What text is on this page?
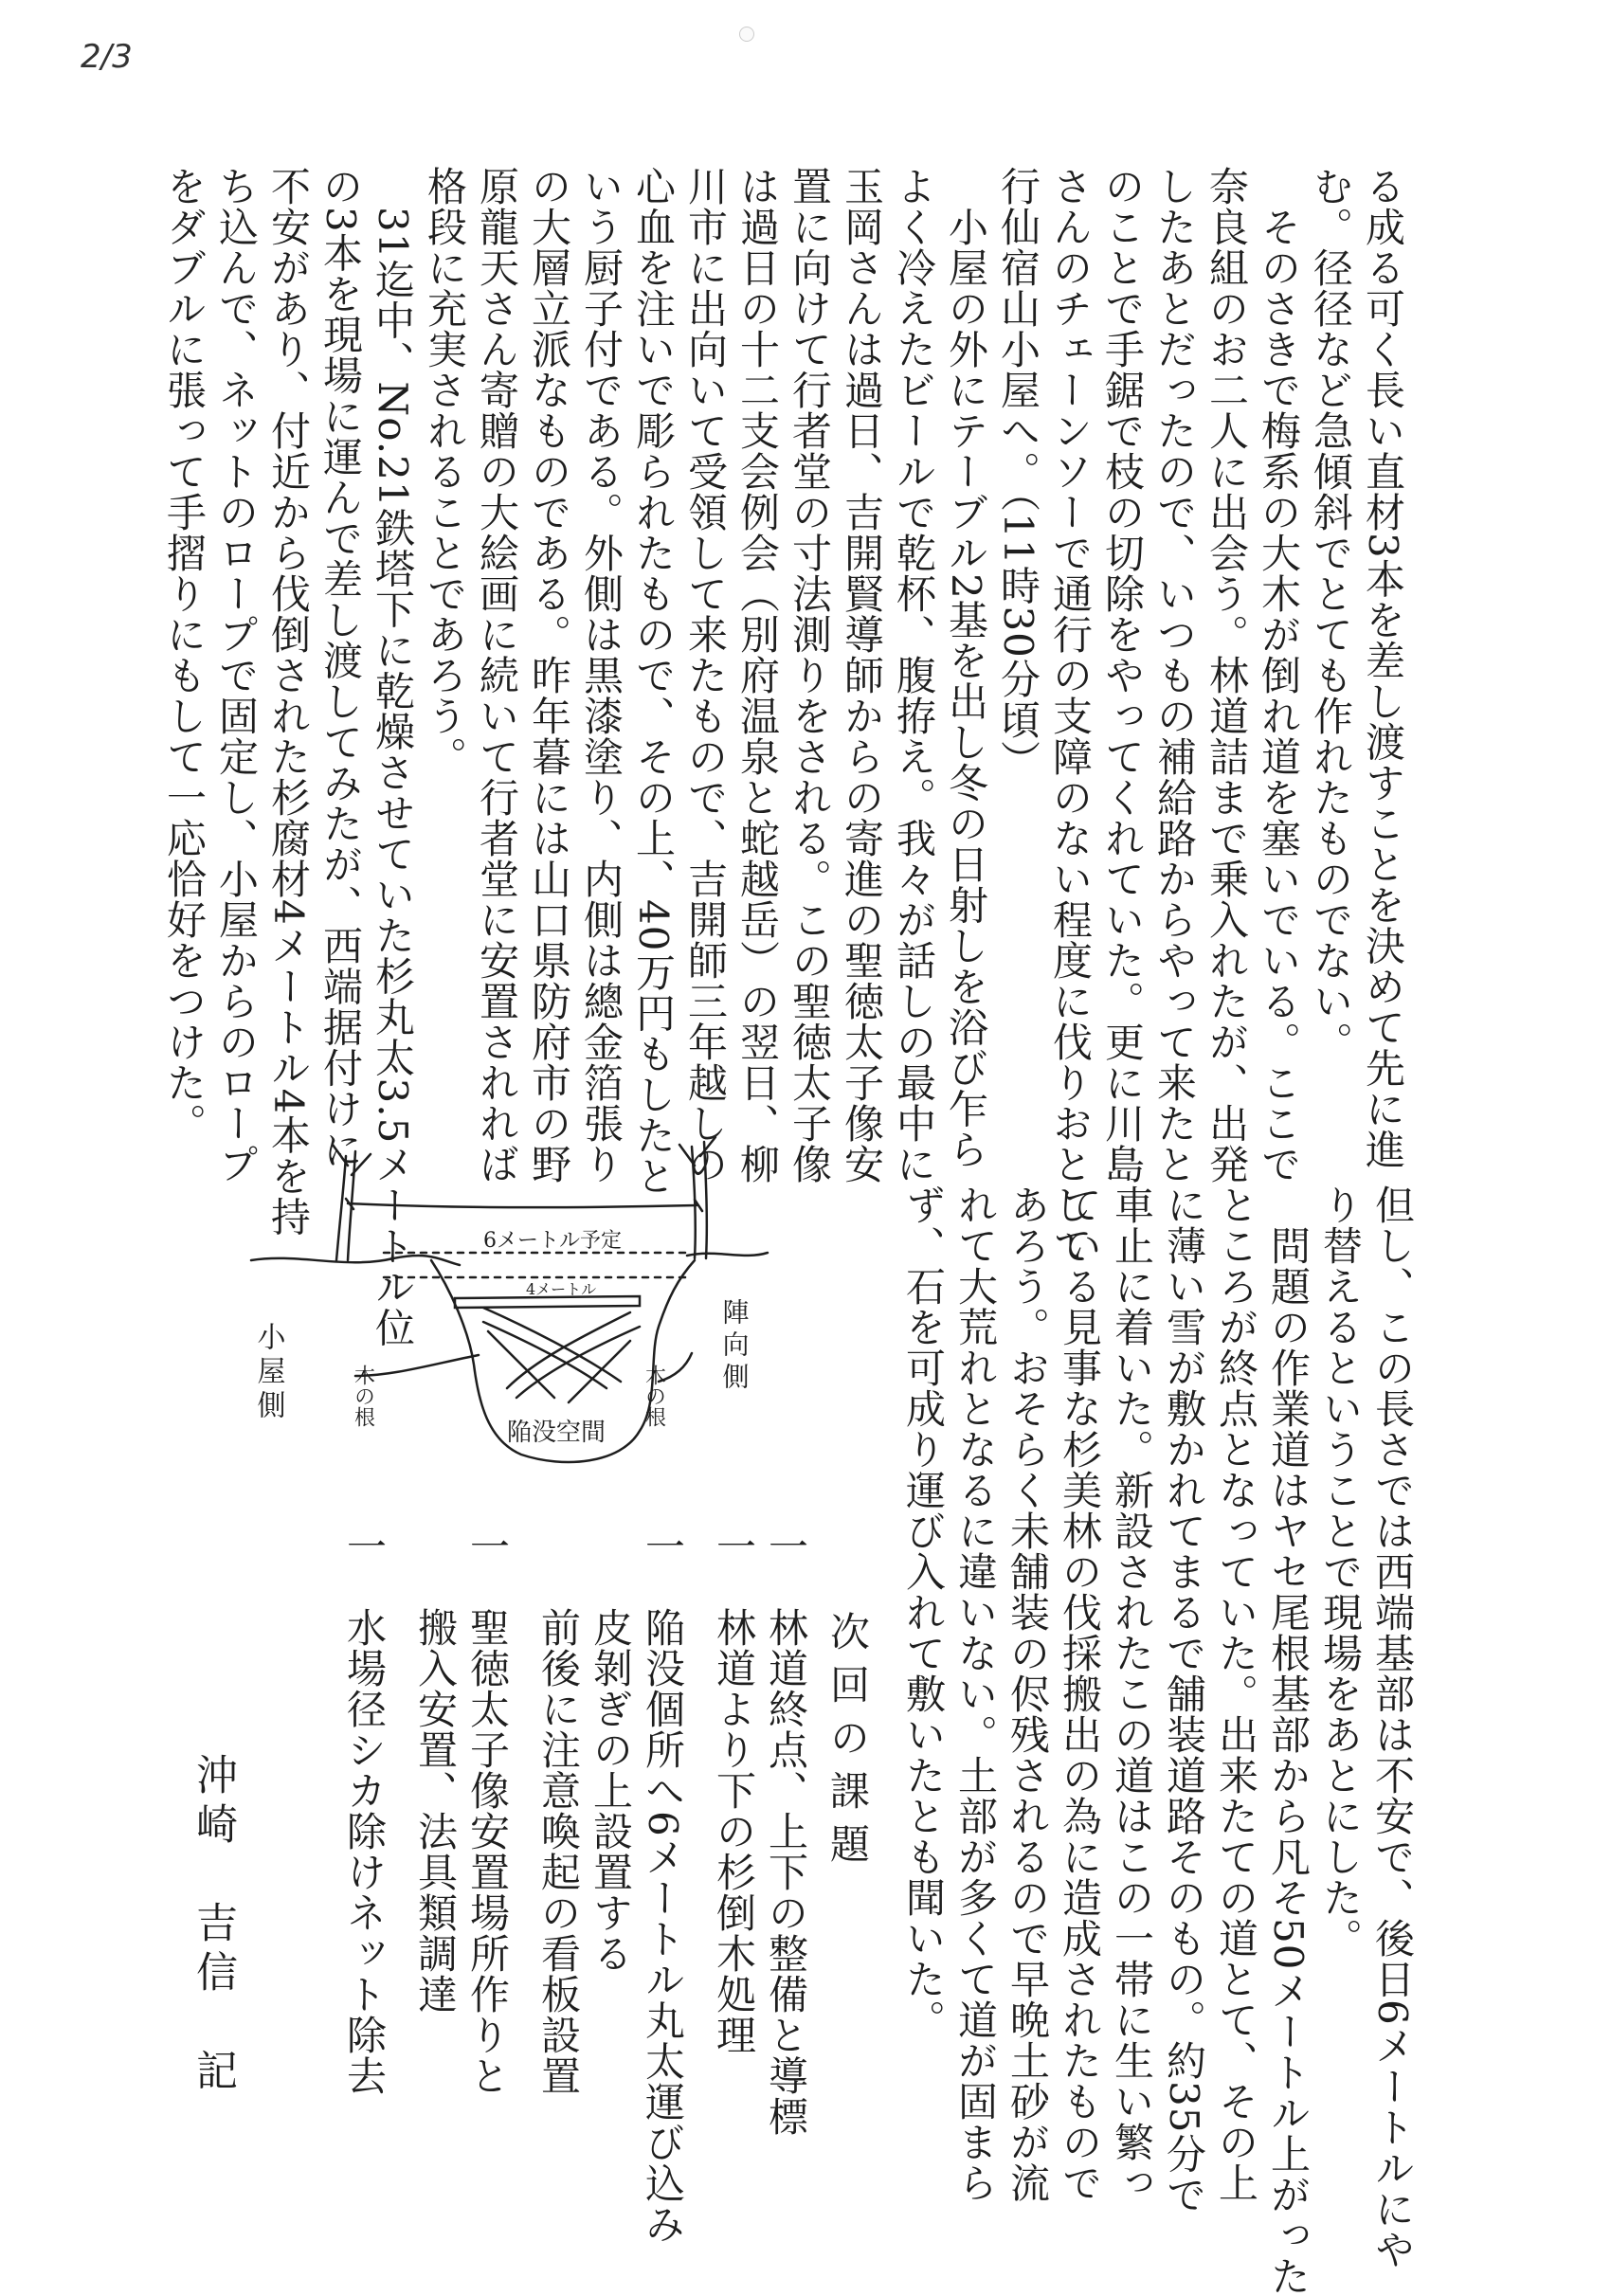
2/3
る成る可く長い直材3本を差し渡すことを決めて先に進
む。径径など急傾斜でとても作れたものでない。
　そのさきで梅系の大木が倒れ道を塞いでいる。ここで
奈良組のお二人に出会う。林道詰まで乗入れたが、出発
したあとだったので、いつもの補給路からやって来たと
のことで手鋸で枝の切除をやってくれていた。更に川島
さんのチェーンソーで通行の支障のない程度に伐りおとして
行仙宿山小屋へ。（11時30分頃）
　小屋の外にテーブル2基を出し冬の日射しを浴び乍ら
よく冷えたビールで乾杯、腹拵え。我々が話しの最中に
玉岡さんは過日、吉開賢導師からの寄進の聖徳太子像安
置に向けて行者堂の寸法測りをされる。この聖徳太子像
は過日の十二支会例会（別府温泉と蛇越岳）の翌日、柳
川市に出向いて受領して来たもので、吉開師三年越しの
心血を注いで彫られたもので、その上、40万円もしたと
いう厨子付である。外側は黒漆塗り、内側は總金箔張り
の大層立派なものである。昨年暮には山口県防府市の野
原龍天さん寄贈の大絵画に続いて行者堂に安置されれば
格段に充実されることであろう。
　31迄中、No.21鉄塔下に乾燥させていた杉丸太3.5メートル位
の3本を現場に運んで差し渡してみたが、西端据付けに
不安があり、付近から伐倒された杉腐材4メートル4本を持
ち込んで、ネットのロープで固定し、小屋からのロープ
をダブルに張って手摺りにもして一応恰好をつけた。
但し、この長さでは西端基部は不安で、後日6メートルにや
り替えるということで現場をあとにした。
　問題の作業道はヤセ尾根基部から凡そ50メートル上がった
ところが終点となっていた。出来たての道とて、その上
に薄い雪が敷かれてまるで舗装道路そのもの。約35分で
車止に着いた。新設されたこの道はこの一帯に生い繁っ
ている見事な杉美林の伐採搬出の為に造成されたもので
あろう。おそらく未舗装の侭残されるので早晩土砂が流
れて大荒れとなるに違いない。土部が多くて道が固まら
ず、石を可成り運び入れて敷いたとも聞いた。
次回の課題
一　林道終点、上下の整備と導標
一　林道より下の杉倒木処理
一　陥没個所へ6メートル丸太運び込み
　　皮剝ぎの上設置する
　　前後に注意喚起の看板設置
一　聖徳太子像安置場所作りと
　　搬入安置、法具類調達
一　水場径シカ除けネット除去
沖崎　吉信　記
6メートル予定
4メートル
陥没空間
木の根	木の根
小屋側	陣向側
